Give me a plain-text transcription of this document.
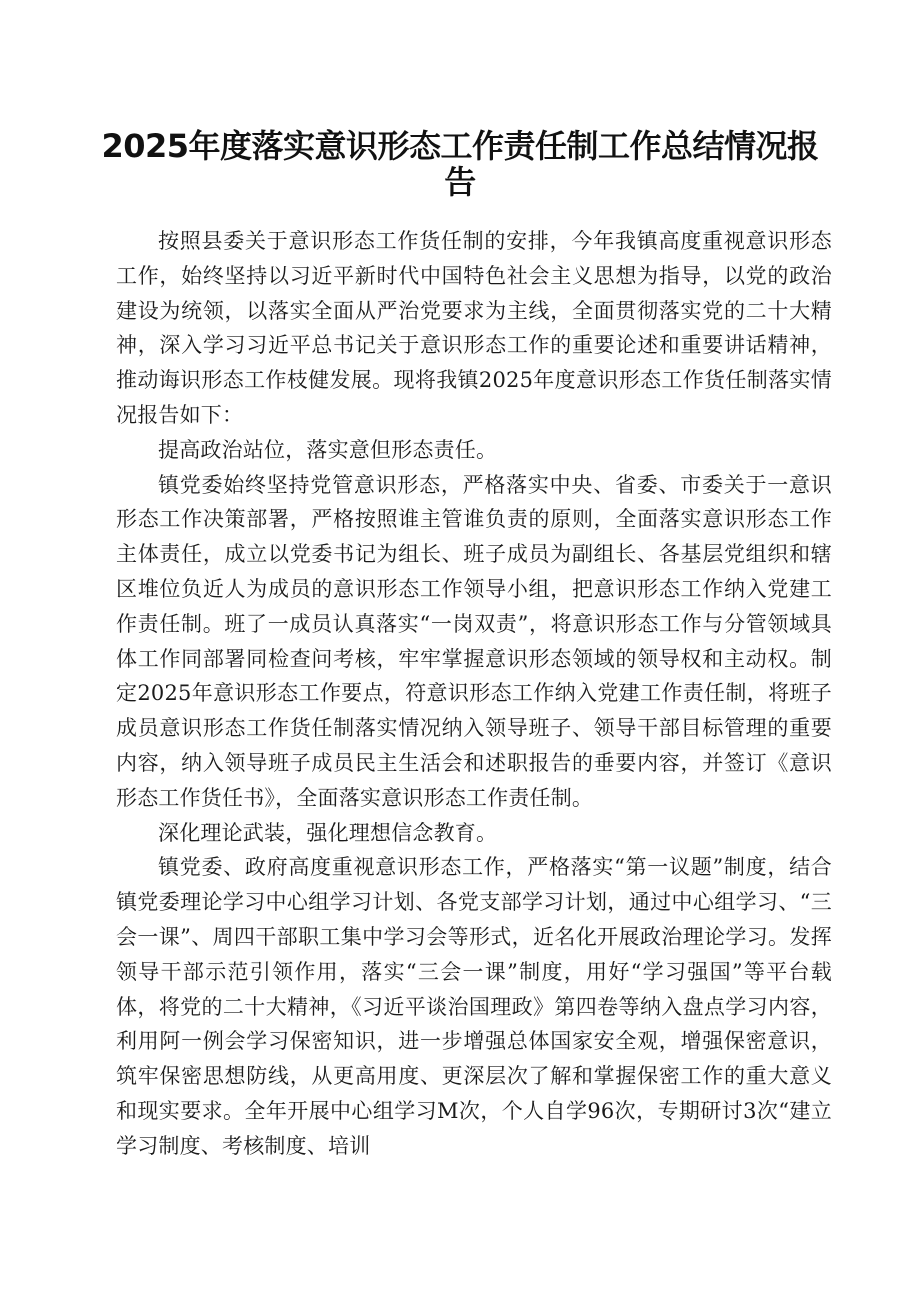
2025年度落实意识形态工作责任制工作总结情况报告

按照县委关于意识形态工作货任制的安排，今年我镇高度重视意识形态工作，始终坚持以习近平新时代中国特色社会主义思想为指导，以党的政治建设为统领，以落实全面从严治党要求为主线，全面贯彻落实党的二十大精神，深入学习习近平总书记关于意识形态工作的重要论述和重要讲话精神，推动诲识形态工作枝健发展。现将我镇2025年度意识形态工作货任制落实情况报告如下：

提高政治站位，落实意但形态责任。

镇党委始终坚持党管意识形态，严格落实中央、省委、市委关于一意识形态工作决策部署，严格按照谁主管谁负责的原则，全面落实意识形态工作主体责任，成立以党委书记为组长、班子成员为副组长、各基层党组织和辖区堆位负近人为成员的意识形态工作领导小组，把意识形态工作纳入党建工作责任制。班了一成员认真落实“一岗双责”，将意识形态工作与分管领域具体工作同部署同检查问考核，牢牢掌握意识形态领域的领导权和主动权。制定2025年意识形态工作要点，符意识形态工作纳入党建工作责任制，将班子成员意识形态工作货任制落实情况纳入领导班子、领导干部目标管理的重要内容，纳入领导班子成员民主生活会和述职报告的垂要内容，并签订《意识形态工作货任书》，全面落实意识形态工作责任制。

深化理论武装，强化理想信念教育。

镇党委、政府高度重视意识形态工作，严格落实“第一议题”制度，结合镇党委理论学习中心组学习计划、各党支部学习计划，通过中心组学习、“三会一课”、周四干部职工集中学习会等形式，近名化开展政治理论学习。发挥领导干部示范引领作用，落实“三会一课”制度，用好“学习强国”等平台载体，将党的二十大精神，《习近平谈治国理政》第四卷等纳入盘点学习内容，利用阿一例会学习保密知识，进一步增强总体国家安全观，增强保密意识，筑牢保密思想防线，从更高用度、更深层次了解和掌握保密工作的重大意义和现实要求。全年开展中心组学习M次，个人自学96次，专期研讨3次“建立学习制度、考核制度、培训
